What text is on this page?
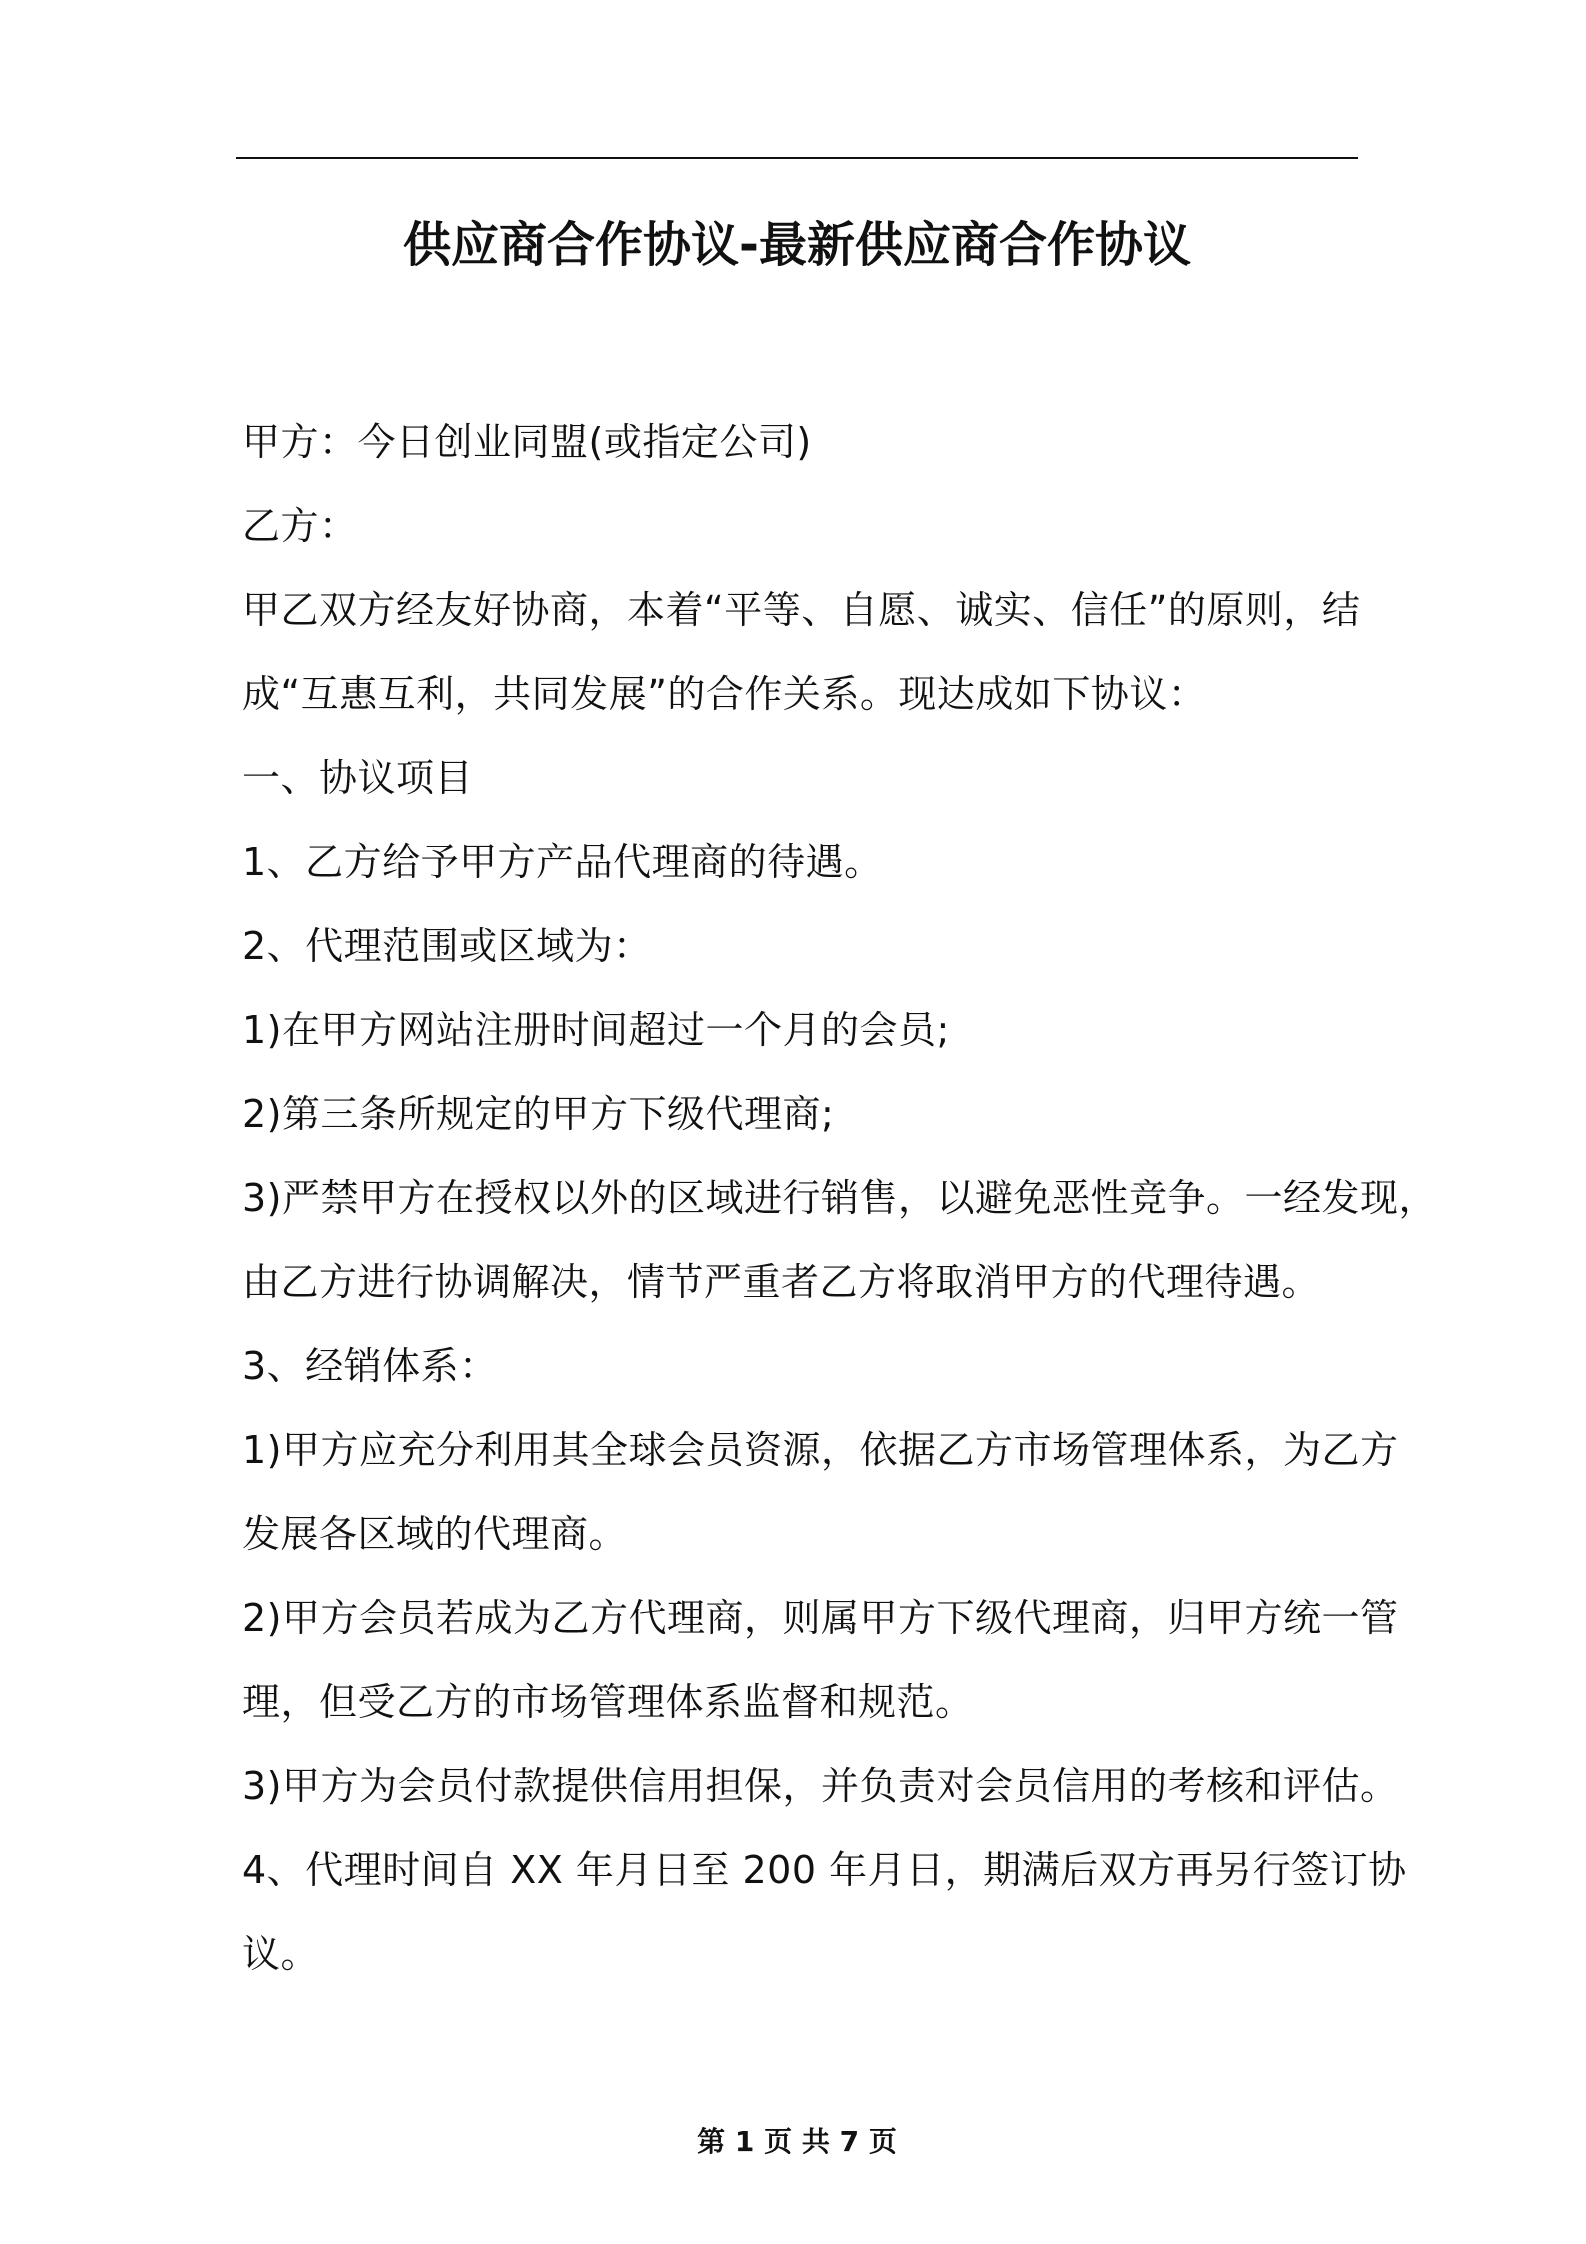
供应商合作协议-最新供应商合作协议

甲方：今日创业同盟(或指定公司)

乙方：

甲乙双方经友好协商，本着“平等、自愿、诚实、信任”的原则，结

成“互惠互利，共同发展”的合作关系。现达成如下协议：

一、协议项目

1、乙方给予甲方产品代理商的待遇。

2、代理范围或区域为：

1)在甲方网站注册时间超过一个月的会员;

2)第三条所规定的甲方下级代理商;

3)严禁甲方在授权以外的区域进行销售，以避免恶性竞争。一经发现，

由乙方进行协调解决，情节严重者乙方将取消甲方的代理待遇。

3、经销体系：

1)甲方应充分利用其全球会员资源，依据乙方市场管理体系，为乙方

发展各区域的代理商。

2)甲方会员若成为乙方代理商，则属甲方下级代理商，归甲方统一管

理，但受乙方的市场管理体系监督和规范。

3)甲方为会员付款提供信用担保，并负责对会员信用的考核和评估。

4、代理时间自 XX 年月日至 200 年月日，期满后双方再另行签订协

议。

第 1 页 共 7 页
